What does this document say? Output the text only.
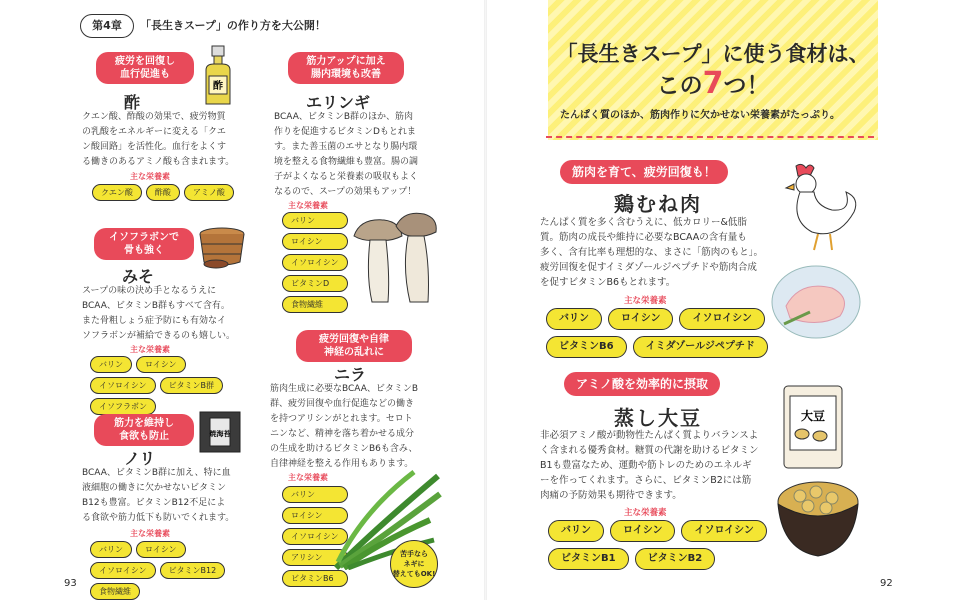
第4章	「長生きスープ」の作り方を大公開！
疲労を回復し
血行促進も
酢
酢
クエン酸、酢酸の効果で、疲労物質
の乳酸をエネルギーに変える「クエ
ン酸回路」を活性化。血行をよくす
る働きのあるアミノ酸も含まれます。
主な栄養素
クエン酸	酢酸	アミノ酸
イソフラボンで
骨も強く
みそ
スープの味の決め手となるうえに
BCAA、ビタミンB群もすべて含有。
また骨粗しょう症予防にも有効なイ
ソフラボンが補給できるのも嬉しい。
主な栄養素
バリン	ロイシン
イソロイシン	ビタミンB群
イソフラボン
筋力を維持し
食欲も防止	焼海苔
ノリ
BCAA、ビタミンB群に加え、特に血
液細胞の働きに欠かせないビタミン
B12も豊富。ビタミンB12不足によ
る食欲や筋力低下も防いでくれます。
主な栄養素
バリン	ロイシン
イソロイシン	ビタミンB12
食物繊維
93
筋力アップに加え
腸内環境も改善
エリンギ
BCAA、ビタミンB群のほか、筋肉
作りを促進するビタミンDもとれま
す。また善玉菌のエサとなり腸内環
境を整える食物繊維も豊富。腸の調
子がよくなると栄養素の吸収もよく
なるので、スープの効果もアップ！
主な栄養素
バリン
ロイシン
イソロイシン
ビタミンD
食物繊維
疲労回復や自律
神経の乱れに
ニラ
筋肉生成に必要なBCAA、ビタミンB
群、疲労回復や血行促進などの働き
を持つアリシンがとれます。セロト
ニンなど、精神を落ち着かせる成分
の生成を助けるビタミンB6も含み、
自律神経を整える作用もあります。
主な栄養素
バリン
ロイシン
イソロイシン
アリシン
ビタミンB6
苦手なら
ネギに
替えてもOK!
「長生きスープ」に使う食材は、
この7つ！
たんぱく質のほか、筋肉作りに欠かせない栄養素がたっぷり。
筋肉を育て、疲労回復も！
鶏むね肉
たんぱく質を多く含むうえに、低カロリー&低脂
質。筋肉の成長や維持に必要なBCAAの含有量も
多く、含有比率も理想的な、まさに「筋肉のもと」。
疲労回復を促すイミダゾールジペプチドや筋肉合成
を促すビタミンB6もとれます。
主な栄養素
バリン	ロイシン	イソロイシン
ビタミンB6	イミダゾールジペプチド
アミノ酸を効率的に摂取
蒸し大豆
非必須アミノ酸が動物性たんぱく質よりバランスよ
く含まれる優秀食材。糖質の代謝を助けるビタミン
B1も豊富なため、運動や筋トレのためのエネルギ
ーを作ってくれます。さらに、ビタミンB2には筋
肉痛の予防効果も期待できます。
主な栄養素
バリン	ロイシン	イソロイシン
ビタミンB1	ビタミンB2
大豆
92
